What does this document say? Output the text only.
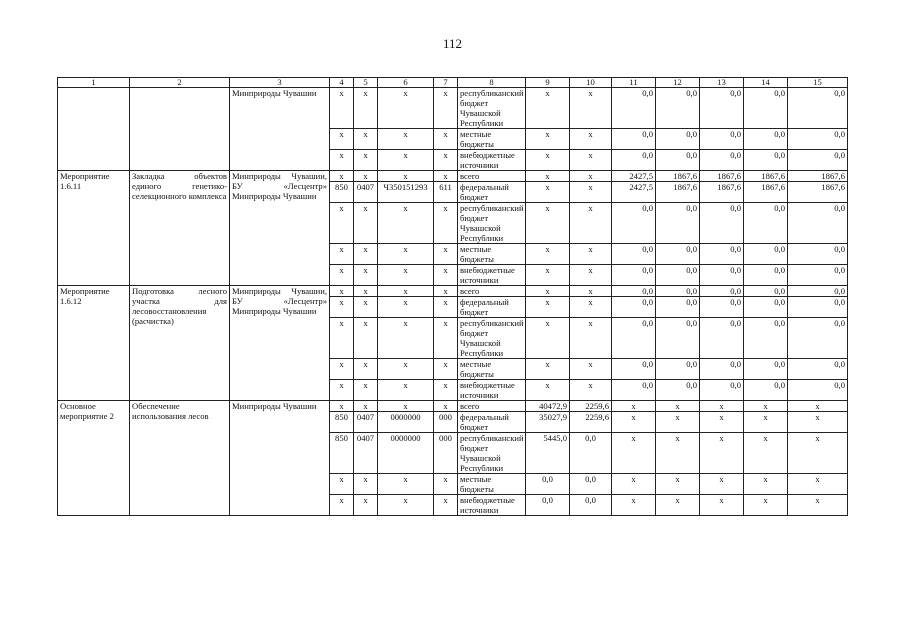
112
1	2	3	4	5	6	7	8	9	10	11	12	13	14	15
		Минприроды Чувашии	х	х	х	х	республиканский бюджет Чувашской Республики	х	х	0,0	0,0	0,0	0,0	0,0
			х	х	х	х	местные бюджеты	х	х	0,0	0,0	0,0	0,0	0,0
			х	х	х	х	внебюджетные источники	х	х	0,0	0,0	0,0	0,0	0,0
Мероприятие 1.6.11	Закладка объектов единого генетико-селекционного комплекса	Минприроды Чувашии, БУ «Лесцентр» Минприроды Чувашии	х	х	х	х	всего	х	х	2427,5	1867,6	1867,6	1867,6	1867,6
			850	0407	Ч350151293	611	федеральный бюджет	х	х	2427,5	1867,6	1867,6	1867,6	1867,6
			х	х	х	х	республиканский бюджет Чувашской Республики	х	х	0,0	0,0	0,0	0,0	0,0
			х	х	х	х	местные бюджеты	х	х	0,0	0,0	0,0	0,0	0,0
			х	х	х	х	внебюджетные источники	х	х	0,0	0,0	0,0	0,0	0,0
Мероприятие 1.6.12	Подготовка лесного участка для лесовосстановления (расчистка)	Минприроды Чувашии, БУ «Лесцентр» Минприроды Чувашии	х	х	х	х	всего	х	х	0,0	0,0	0,0	0,0	0,0
			х	х	х	х	федеральный бюджет	х	х	0,0	0,0	0,0	0,0	0,0
			х	х	х	х	республиканский бюджет Чувашской Республики	х	х	0,0	0,0	0,0	0,0	0,0
			х	х	х	х	местные бюджеты	х	х	0,0	0,0	0,0	0,0	0,0
			х	х	х	х	внебюджетные источники	х	х	0,0	0,0	0,0	0,0	0,0
Основное мероприятие 2	Обеспечение использования лесов	Минприроды Чувашии	х	х	х	х	всего	40472,9	2259,6	х	х	х	х	х
			850	0407	0000000	000	федеральный бюджет	35027,9	2259,6	х	х	х	х	х
			850	0407	0000000	000	республиканский бюджет Чувашской Республики	5445,0	0,0	х	х	х	х	х
			х	х	х	х	местные бюджеты	0,0	0,0	х	х	х	х	х
			х	х	х	х	внебюджетные источники	0,0	0,0	х	х	х	х	х
